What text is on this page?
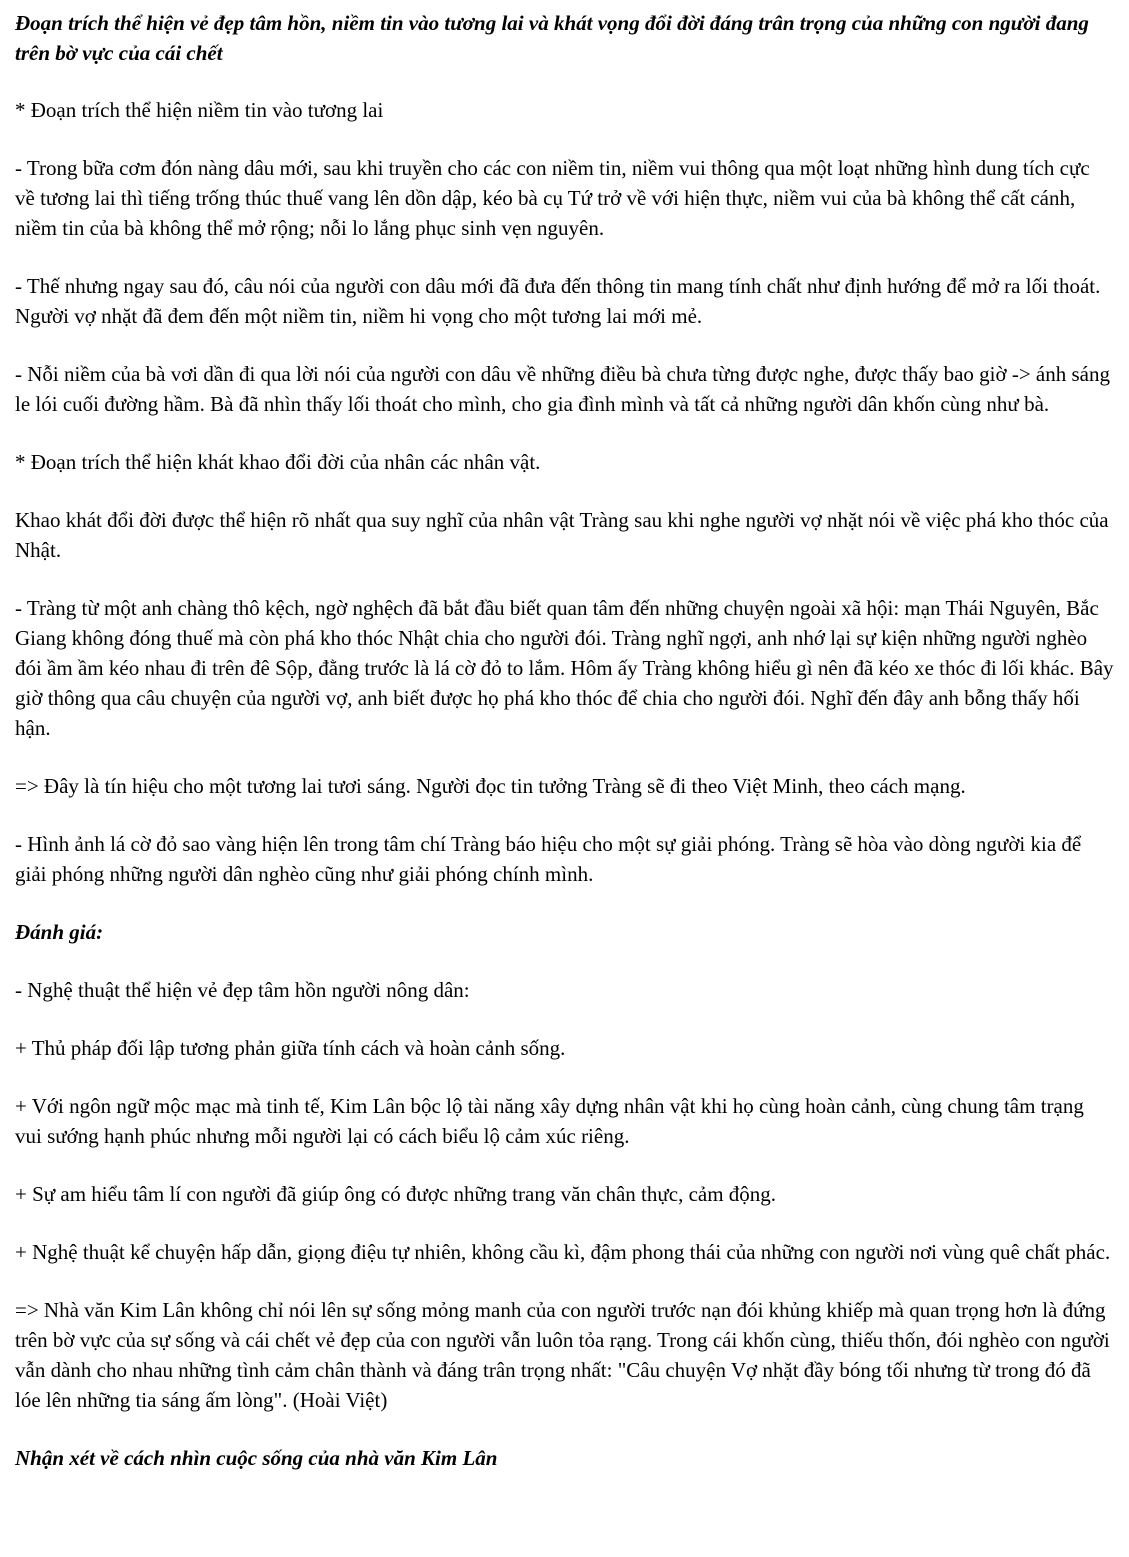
Đoạn trích thể hiện vẻ đẹp tâm hồn, niềm tin vào tương lai và khát vọng đổi đời đáng trân trọng của những con người đang trên bờ vực của cái chết

* Đoạn trích thể hiện niềm tin vào tương lai

- Trong bữa cơm đón nàng dâu mới, sau khi truyền cho các con niềm tin, niềm vui thông qua một loạt những hình dung tích cực về tương lai thì tiếng trống thúc thuế vang lên dồn dập, kéo bà cụ Tứ trở về với hiện thực, niềm vui của bà không thể cất cánh, niềm tin của bà không thể mở rộng; nỗi lo lắng phục sinh vẹn nguyên.

- Thế nhưng ngay sau đó, câu nói của người con dâu mới đã đưa đến thông tin mang tính chất như định hướng để mở ra lối thoát. Người vợ nhặt đã đem đến một niềm tin, niềm hi vọng cho một tương lai mới mẻ.

- Nỗi niềm của bà vơi dần đi qua lời nói của người con dâu về những điều bà chưa từng được nghe, được thấy bao giờ -> ánh sáng le lói cuối đường hầm. Bà đã nhìn thấy lối thoát cho mình, cho gia đình mình và tất cả những người dân khốn cùng như bà.

* Đoạn trích thể hiện khát khao đổi đời của nhân các nhân vật.

Khao khát đổi đời được thể hiện rõ nhất qua suy nghĩ của nhân vật Tràng sau khi nghe người vợ nhặt nói về việc phá kho thóc của Nhật.

- Tràng từ một anh chàng thô kệch, ngờ nghệch đã bắt đầu biết quan tâm đến những chuyện ngoài xã hội: mạn Thái Nguyên, Bắc Giang không đóng thuế mà còn phá kho thóc Nhật chia cho người đói. Tràng nghĩ ngợi, anh nhớ lại sự kiện những người nghèo đói ầm ầm kéo nhau đi trên đê Sộp, đằng trước là lá cờ đỏ to lắm. Hôm ấy Tràng không hiểu gì nên đã kéo xe thóc đi lối khác. Bây giờ thông qua câu chuyện của người vợ, anh biết được họ phá kho thóc để chia cho người đói. Nghĩ đến đây anh bỗng thấy hối hận.

=> Đây là tín hiệu cho một tương lai tươi sáng. Người đọc tin tưởng Tràng sẽ đi theo Việt Minh, theo cách mạng.

- Hình ảnh lá cờ đỏ sao vàng hiện lên trong tâm chí Tràng báo hiệu cho một sự giải phóng. Tràng sẽ hòa vào dòng người kia để giải phóng những người dân nghèo cũng như giải phóng chính mình.

Đánh giá:

- Nghệ thuật thể hiện vẻ đẹp tâm hồn người nông dân:

+ Thủ pháp đối lập tương phản giữa tính cách và hoàn cảnh sống.

+ Với ngôn ngữ mộc mạc mà tinh tế, Kim Lân bộc lộ tài năng xây dựng nhân vật khi họ cùng hoàn cảnh, cùng chung tâm trạng vui sướng hạnh phúc nhưng mỗi người lại có cách biểu lộ cảm xúc riêng.

+ Sự am hiểu tâm lí con người đã giúp ông có được những trang văn chân thực, cảm động.

+ Nghệ thuật kể chuyện hấp dẫn, giọng điệu tự nhiên, không cầu kì, đậm phong thái của những con người nơi vùng quê chất phác.

=> Nhà văn Kim Lân không chỉ nói lên sự sống mỏng manh của con người trước nạn đói khủng khiếp mà quan trọng hơn là đứng trên bờ vực của sự sống và cái chết vẻ đẹp của con người vẫn luôn tỏa rạng. Trong cái khốn cùng, thiếu thốn, đói nghèo con người vẫn dành cho nhau những tình cảm chân thành và đáng trân trọng nhất: "Câu chuyện Vợ nhặt đầy bóng tối nhưng từ trong đó đã lóe lên những tia sáng ấm lòng". (Hoài Việt)

Nhận xét về cách nhìn cuộc sống của nhà văn Kim Lân
